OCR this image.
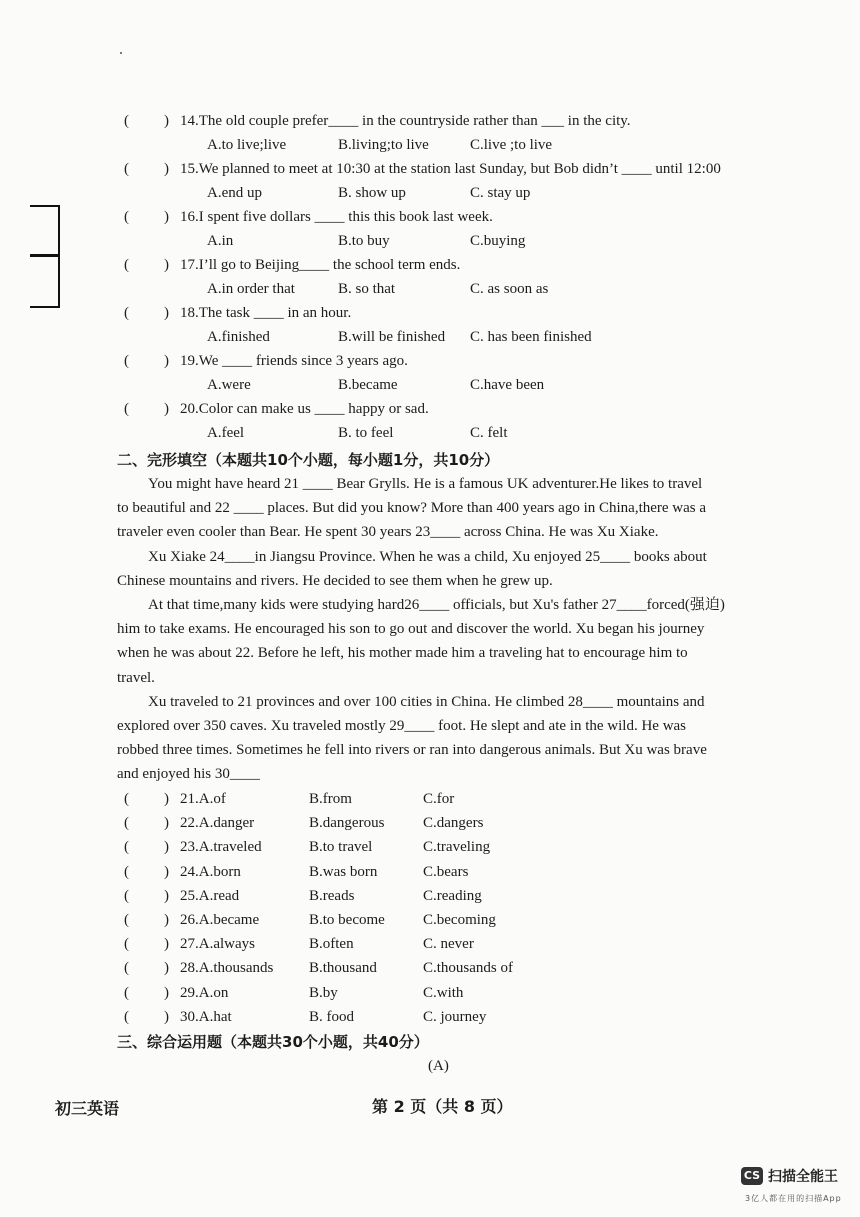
( ) 14.The old couple prefer____ in the countryside rather than ___ in the city.
A.to live;live	B.living;to live	C.live ;to live
( ) 15.We planned to meet at 10:30 at the station last Sunday, but Bob didn’t ____ until 12:00
A.end up	B. show up	C. stay up
( ) 16.I spent five dollars ____ this this book last week.
A.in	B.to buy	C.buying
( ) 17.I’ll go to Beijing____ the school term ends.
A.in order that	B. so that	C. as soon as
( ) 18.The task ____ in an hour.
A.finished	B.will be finished C. has been finished
( ) 19.We ____ friends since 3 years ago.
A.were	B.became	C.have been
( ) 20.Color can make us ____ happy or sad.
A.feel	B. to feel	C. felt
二、完形填空（本题共10个小题，每小题1分，共10分）
You might have heard 21 ____ Bear Grylls. He is a famous UK adventurer.He likes to travel
to beautiful and 22 ____ places. But did you know? More than 400 years ago in China,there was a
traveler even cooler than Bear. He spent 30 years 23____ across China. He was Xu Xiake.
Xu Xiake 24____in Jiangsu Province. When he was a child, Xu enjoyed 25____ books about
Chinese mountains and rivers. He decided to see them when he grew up.
At that time,many kids were studying hard26____ officials, but Xu's father 27____forced(强迫)
him to take exams. He encouraged his son to go out and discover the world. Xu began his journey
when he was about 22. Before he left, his mother made him a traveling hat to encourage him to
travel.
Xu traveled to 21 provinces and over 100 cities in China. He climbed 28____ mountains and
explored over 350 caves. Xu traveled mostly 29____ foot. He slept and ate in the wild. He was
robbed three times. Sometimes he fell into rivers or ran into dangerous animals. But Xu was brave
and enjoyed his 30____
( ) 21.A.of	B.from	C.for
( ) 22.A.danger	B.dangerous	C.dangers
( ) 23.A.traveled	B.to travel	C.traveling
( ) 24.A.born	B.was born	C.bears
( ) 25.A.read	B.reads	C.reading
( ) 26.A.became	B.to become	C.becoming
( ) 27.A.always	B.often	C. never
( ) 28.A.thousands B.thousand	C.thousands of
( ) 29.A.on	B.by	C.with
( ) 30.A.hat	B. food	C. journey
三、综合运用题（本题共30个小题，共40分）
(A)
初三英语	第 2 页（共 8 页）
CS 扫描全能王
3亿人都在用的扫描App
